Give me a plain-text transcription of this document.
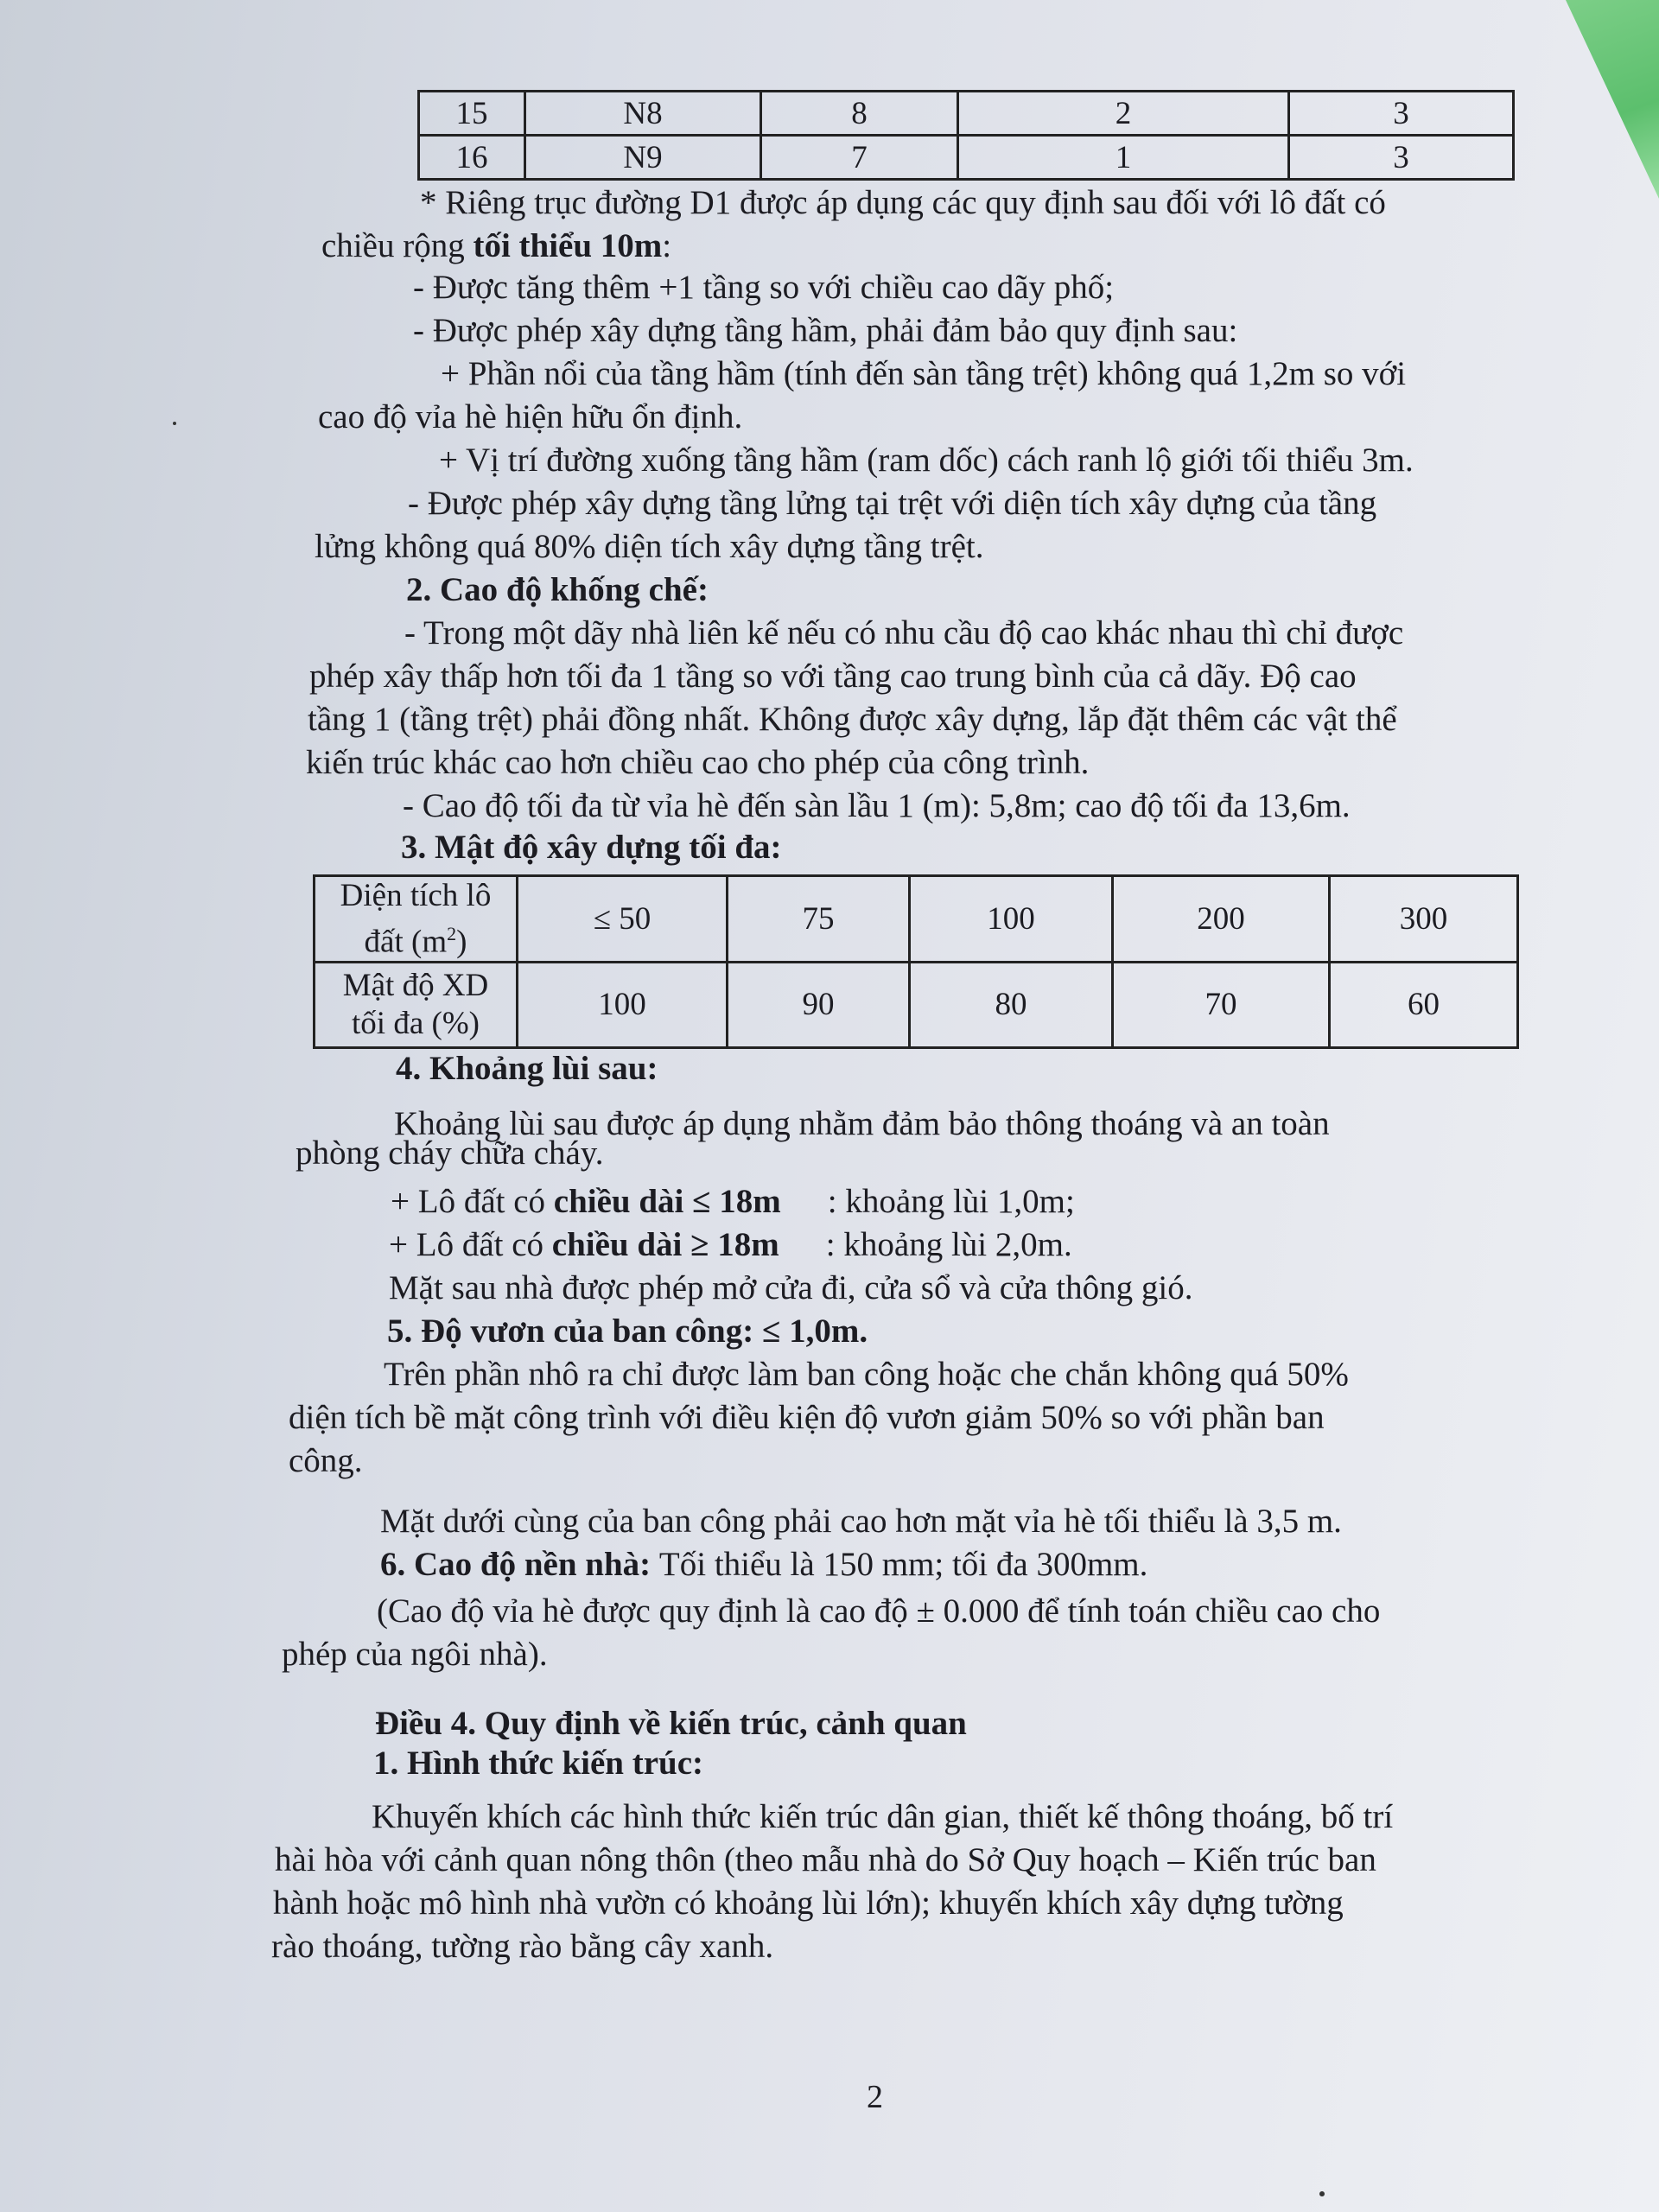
15	N8	8	2	3
16	N9	7	1	3
* Riêng trục đường D1 được áp dụng các quy định sau đối với lô đất có
chiều rộng tối thiểu 10m:
- Được tăng thêm +1 tầng so với chiều cao dãy phố;
- Được phép xây dựng tầng hầm, phải đảm bảo quy định sau:
+ Phần nổi của tầng hầm (tính đến sàn tầng trệt) không quá 1,2m so với
cao độ vỉa hè hiện hữu ổn định.
+ Vị trí đường xuống tầng hầm (ram dốc) cách ranh lộ giới tối thiểu 3m.
- Được phép xây dựng tầng lửng tại trệt với diện tích xây dựng của tầng
lửng không quá 80% diện tích xây dựng tầng trệt.
2. Cao độ khống chế:
- Trong một dãy nhà liên kế nếu có nhu cầu độ cao khác nhau thì chỉ được
phép xây thấp hơn tối đa 1 tầng so với tầng cao trung bình của cả dãy. Độ cao
tầng 1 (tầng trệt) phải đồng nhất. Không được xây dựng, lắp đặt thêm các vật thể
kiến trúc khác cao hơn chiều cao cho phép của công trình.
- Cao độ tối đa từ vỉa hè đến sàn lầu 1 (m): 5,8m; cao độ tối đa 13,6m.
3. Mật độ xây dựng tối đa:
Diện tích lô
đất $(m^2)$	≤ 50	75	100	200	300
Mật độ XD
tối đa (%)	100	90	80	70	60
4. Khoảng lùi sau:
Khoảng lùi sau được áp dụng nhằm đảm bảo thông thoáng và an toàn
phòng cháy chữa cháy.
+ Lô đất có chiều dài ≤ 18m : khoảng lùi 1,0m;
+ Lô đất có chiều dài ≥ 18m : khoảng lùi 2,0m.
Mặt sau nhà được phép mở cửa đi, cửa sổ và cửa thông gió.
5. Độ vươn của ban công: ≤ 1,0m.
Trên phần nhô ra chỉ được làm ban công hoặc che chắn không quá 50%
diện tích bề mặt công trình với điều kiện độ vươn giảm 50% so với phần ban
công.
Mặt dưới cùng của ban công phải cao hơn mặt vỉa hè tối thiểu là 3,5 m.
6. Cao độ nền nhà: Tối thiểu là 150 mm; tối đa 300mm.
(Cao độ vỉa hè được quy định là cao độ ± 0.000 để tính toán chiều cao cho
phép của ngôi nhà).
Điều 4. Quy định về kiến trúc, cảnh quan
1. Hình thức kiến trúc:
Khuyến khích các hình thức kiến trúc dân gian, thiết kế thông thoáng, bố trí
hài hòa với cảnh quan nông thôn (theo mẫu nhà do Sở Quy hoạch – Kiến trúc ban
hành hoặc mô hình nhà vườn có khoảng lùi lớn); khuyến khích xây dựng tường
rào thoáng, tường rào bằng cây xanh.
2
